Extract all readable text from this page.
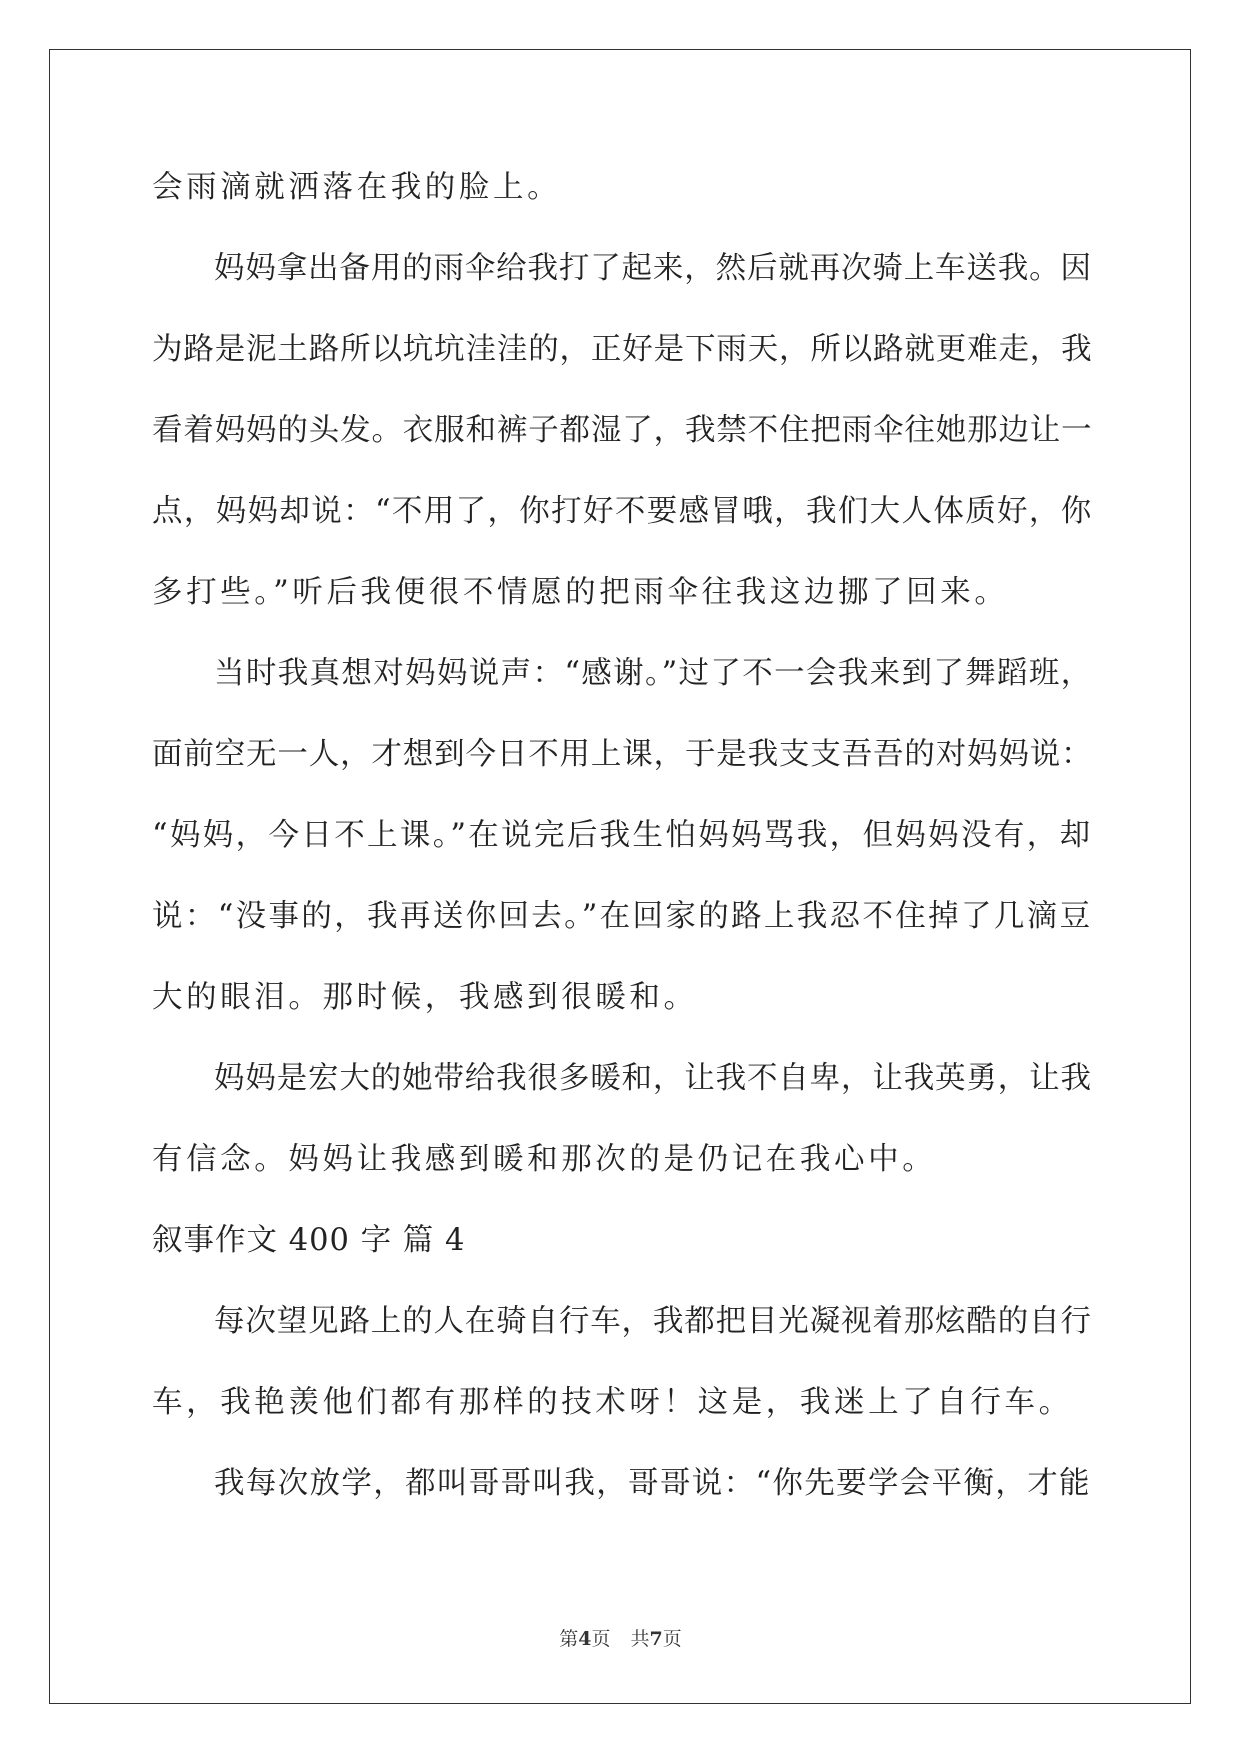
会雨滴就洒落在我的脸上。
妈妈拿出备用的雨伞给我打了起来，然后就再次骑上车送我。因
为路是泥土路所以坑坑洼洼的，正好是下雨天，所以路就更难走，我
看着妈妈的头发。衣服和裤子都湿了，我禁不住把雨伞往她那边让一
点，妈妈却说：“不用了，你打好不要感冒哦，我们大人体质好，你
多打些。”听后我便很不情愿的把雨伞往我这边挪了回来。
当时我真想对妈妈说声：“感谢。”过了不一会我来到了舞蹈班，
面前空无一人，才想到今日不用上课，于是我支支吾吾的对妈妈说：
“妈妈，今日不上课。”在说完后我生怕妈妈骂我，但妈妈没有，却
说：“没事的，我再送你回去。”在回家的路上我忍不住掉了几滴豆
大的眼泪。那时候，我感到很暖和。
妈妈是宏大的她带给我很多暖和，让我不自卑，让我英勇，让我
有信念。妈妈让我感到暖和那次的是仍记在我心中。
叙事作文 400 字 篇 4
每次望见路上的人在骑自行车，我都把目光凝视着那炫酷的自行
车，我艳羡他们都有那样的技术呀！这是，我迷上了自行车。
我每次放学，都叫哥哥叫我，哥哥说：“你先要学会平衡，才能
第4页 共7页
